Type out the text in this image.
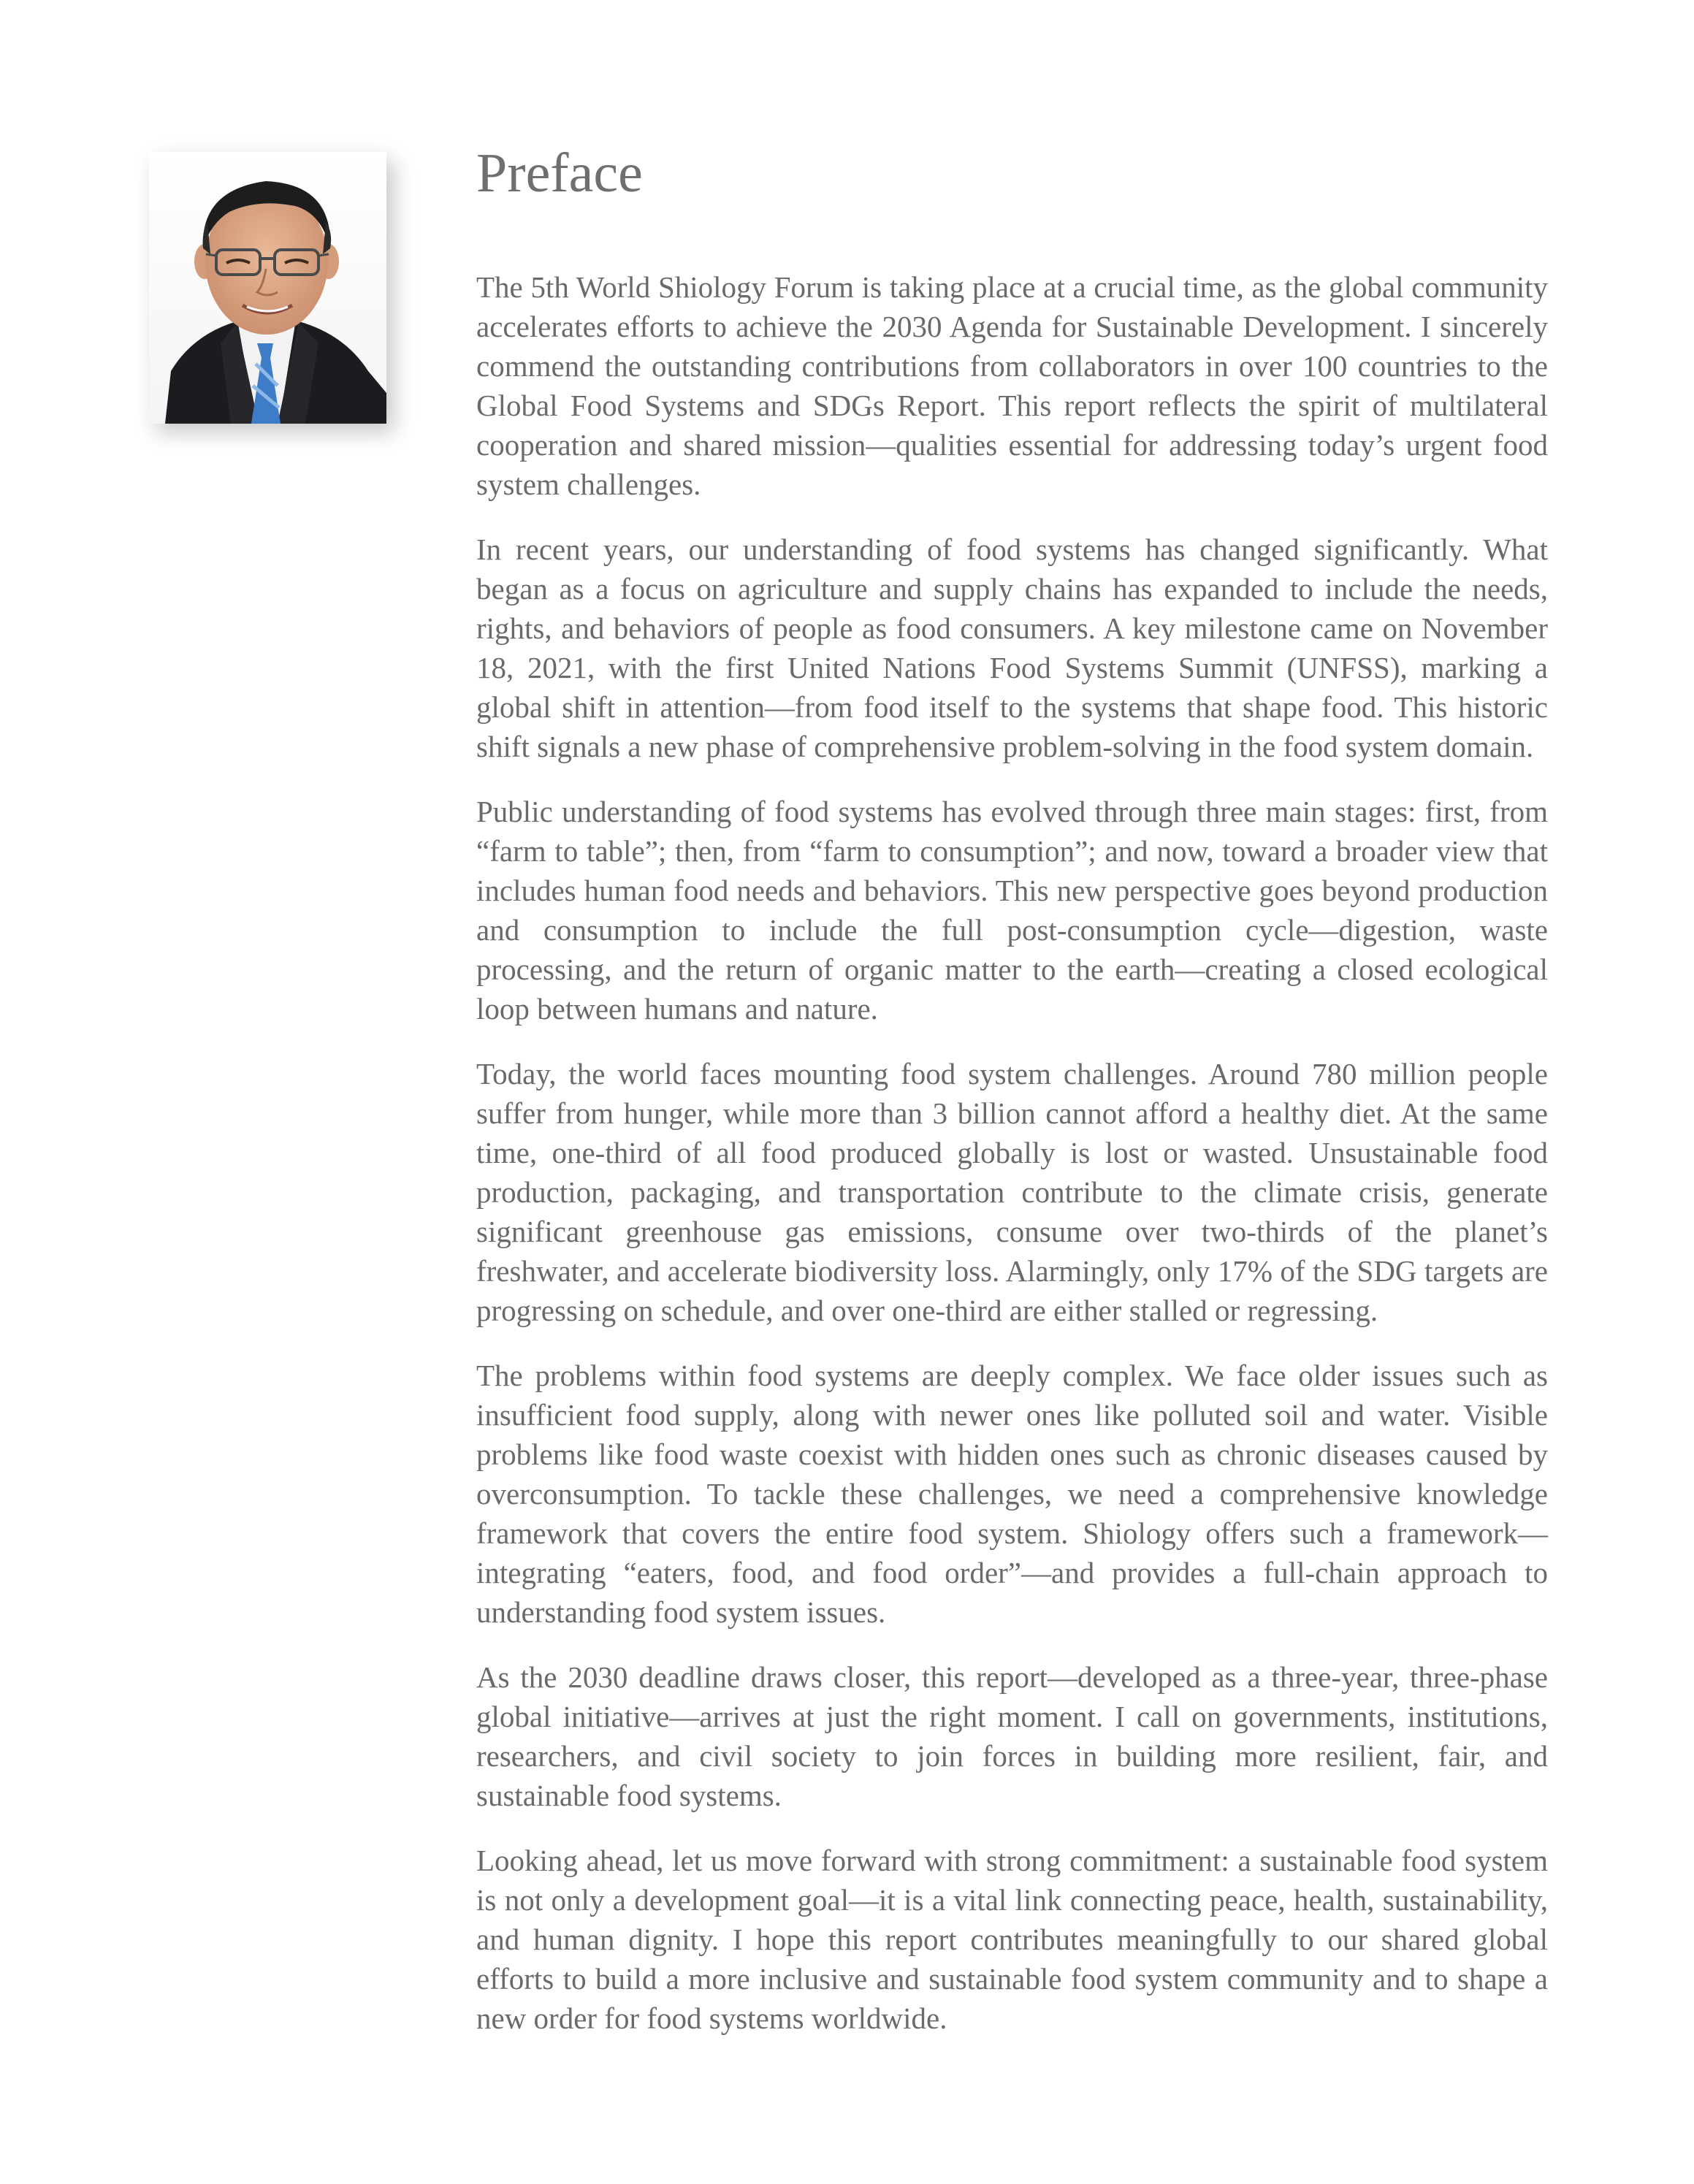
Preface

The 5th World Shiology Forum is taking place at a crucial time, as the global community accelerates efforts to achieve the 2030 Agenda for Sustainable Development. I sincerely commend the outstanding contributions from collaborators in over 100 countries to the Global Food Systems and SDGs Report. This report reflects the spirit of multilateral cooperation and shared mission—qualities essential for addressing today’s urgent food system challenges.

In recent years, our understanding of food systems has changed significantly. What began as a focus on agriculture and supply chains has expanded to include the needs, rights, and behaviors of people as food consumers. A key milestone came on November 18, 2021, with the first United Nations Food Systems Summit (UNFSS), marking a global shift in attention—from food itself to the systems that shape food. This historic shift signals a new phase of comprehensive problem-solving in the food system domain.

Public understanding of food systems has evolved through three main stages: first, from “farm to table”; then, from “farm to consumption”; and now, toward a broader view that includes human food needs and behaviors. This new perspective goes beyond production and consumption to include the full post-consumption cycle—digestion, waste processing, and the return of organic matter to the earth—creating a closed ecological loop between humans and nature.

Today, the world faces mounting food system challenges. Around 780 million people suffer from hunger, while more than 3 billion cannot afford a healthy diet. At the same time, one-third of all food produced globally is lost or wasted. Unsustainable food production, packaging, and transportation contribute to the climate crisis, generate significant greenhouse gas emissions, consume over two-thirds of the planet’s freshwater, and accelerate biodiversity loss. Alarmingly, only 17% of the SDG targets are progressing on schedule, and over one-third are either stalled or regressing.

The problems within food systems are deeply complex. We face older issues such as insufficient food supply, along with newer ones like polluted soil and water. Visible problems like food waste coexist with hidden ones such as chronic diseases caused by overconsumption. To tackle these challenges, we need a comprehensive knowledge framework that covers the entire food system. Shiology offers such a framework—integrating “eaters, food, and food order”—and provides a full-chain approach to understanding food system issues.

As the 2030 deadline draws closer, this report—developed as a three-year, three-phase global initiative—arrives at just the right moment. I call on governments, institutions, researchers, and civil society to join forces in building more resilient, fair, and sustainable food systems.

Looking ahead, let us move forward with strong commitment: a sustainable food system is not only a development goal—it is a vital link connecting peace, health, sustainability, and human dignity. I hope this report contributes meaningfully to our shared global efforts to build a more inclusive and sustainable food system community and to shape a new order for food systems worldwide.
